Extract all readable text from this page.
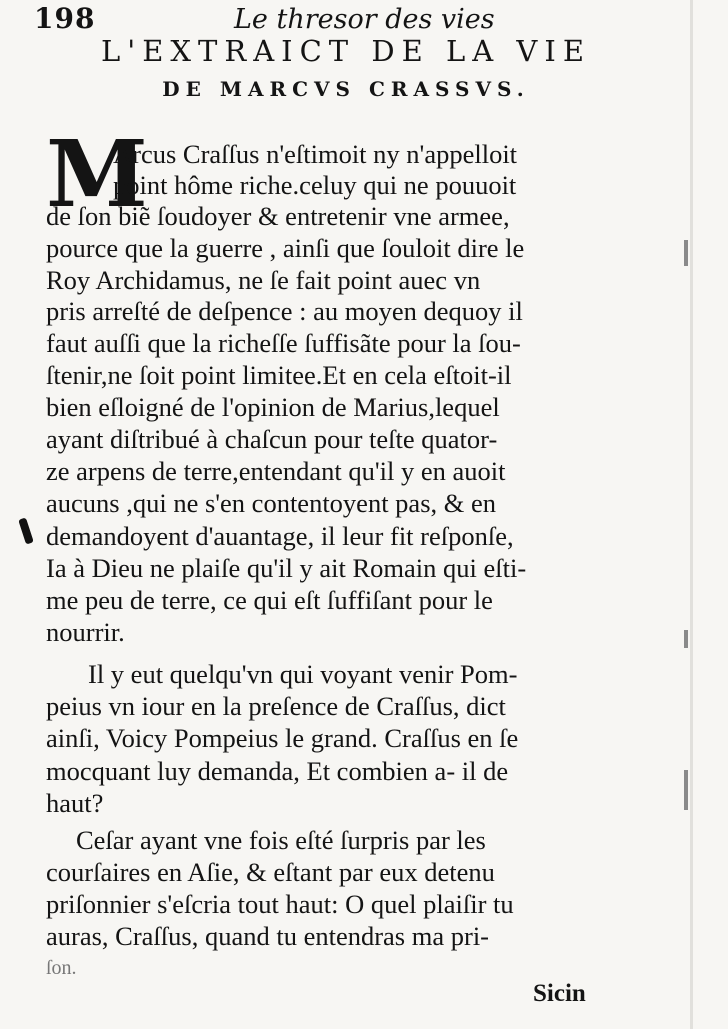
198	Le thresor des vies
L'EXTRAICT DE LA VIE
DE MARCVS CRASSVS.
M
Arcus Craſſus n'eſtimoit ny n'appelloit
point hôme riche.celuy qui ne pouuoit
de ſon biẽ ſoudoyer & entretenir vne armee,
pource que la guerre , ainſi que ſouloit dire le
Roy Archidamus, ne ſe fait point auec vn
pris arreſté de deſpence : au moyen dequoy il
faut auſſi que la richeſſe ſuffisãte pour la ſou-
ſtenir,ne ſoit point limitee.Et en cela eſtoit-il
bien eſloigné de l'opinion de Marius,lequel
ayant diſtribué à chaſcun pour teſte quator-
ze arpens de terre,entendant qu'il y en auoit
aucuns ,qui ne s'en contentoyent pas, & en
demandoyent d'auantage, il leur fit reſponſe,
Ia à Dieu ne plaiſe qu'il y ait Romain qui eſti-
me peu de terre, ce qui eſt ſuffiſant pour le
nourrir.
Il y eut quelqu'vn qui voyant venir Pom-
peius vn iour en la preſence de Craſſus, dict
ainſi, Voicy Pompeius le grand. Craſſus en ſe
mocquant luy demanda, Et combien a- il de
haut?
Ceſar ayant vne fois eſté ſurpris par les
courſaires en Aſie, & eſtant par eux detenu
priſonnier s'eſcria tout haut: O quel plaiſir tu
auras, Craſſus, quand tu entendras ma pri-
ſon.
Sicin
